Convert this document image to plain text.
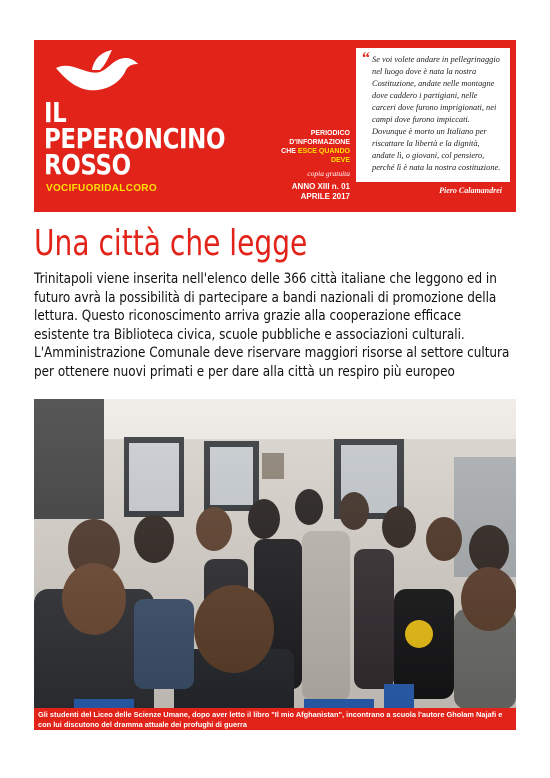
IL
PEPERONCINO
ROSSO
VOCIFUORIDALCORO
PERIODICO
D'INFORMAZIONE
CHE ESCE QUANDO DEVE
copia gratuita
ANNO XIII n. 01
APRILE 2017
“ Se voi volete andare in pellegrinaggio nel luogo dove è nata la nostra Costituzione, andate nelle montagne dove caddero i partigiani, nelle carceri dove furono imprigionati, nei campi dove furono impiccati. Dovunque è morto un Italiano per riscattare la libertà e la dignità, andate lì, o giovani, col pensiero, perché lì è nata la nostra costituzione.
Piero Calamandrei
Una città che legge

Trinitapoli viene inserita nell'elenco delle 366 città italiane che leggono ed in futuro avrà la possibilità di partecipare a bandi nazionali di promozione della lettura. Questo riconoscimento arriva grazie alla cooperazione efficace esistente tra Biblioteca civica, scuole pubbliche e associazioni culturali. L'Amministrazione Comunale deve riservare maggiori risorse al settore cultura per ottenere nuovi primati e per dare alla città un respiro più europeo

Gli studenti del Liceo delle Scienze Umane, dopo aver letto il libro "Il mio Afghanistan", incontrano a scuola l'autore Gholam Najafi e con lui discutono del dramma attuale dei profughi di guerra
